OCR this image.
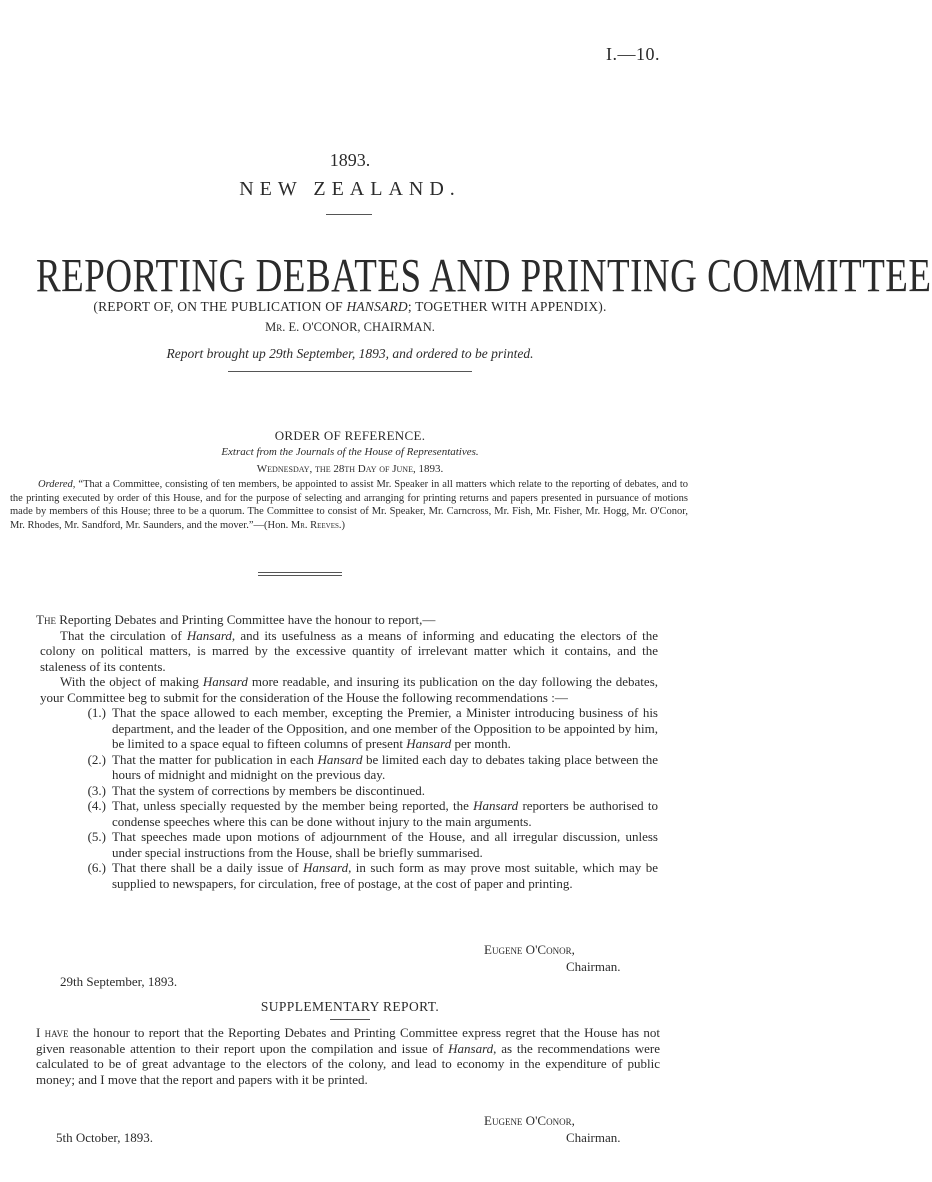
I.—10.
1893.
NEW ZEALAND.
REPORTING DEBATES AND PRINTING COMMITTEE
(REPORT OF, ON THE PUBLICATION OF HANSARD; TOGETHER WITH APPENDIX).
Mr. E. O'CONOR, CHAIRMAN.
Report brought up 29th September, 1893, and ordered to be printed.
ORDER OF REFERENCE.
Extract from the Journals of the House of Representatives.
Wednesday, the 28th Day of June, 1893.

Ordered, “That a Committee, consisting of ten members, be appointed to assist Mr. Speaker in all matters which relate to the reporting of debates, and to the printing executed by order of this House, and for the purpose of selecting and arranging for printing returns and papers presented in pursuance of motions made by members of this House; three to be a quorum. The Committee to consist of Mr. Speaker, Mr. Carncross, Mr. Fish, Mr. Fisher, Mr. Hogg, Mr. O'Conor, Mr. Rhodes, Mr. Sandford, Mr. Saunders, and the mover.”—(Hon. Mr. Reeves.)

The Reporting Debates and Printing Committee have the honour to report,—

That the circulation of Hansard, and its usefulness as a means of informing and educating the electors of the colony on political matters, is marred by the excessive quantity of irrelevant matter which it contains, and the staleness of its contents.

With the object of making Hansard more readable, and insuring its publication on the day following the debates, your Committee beg to submit for the consideration of the House the following recommendations :—

(1.) That the space allowed to each member, excepting the Premier, a Minister introducing business of his department, and the leader of the Opposition, and one member of the Opposition to be appointed by him, be limited to a space equal to fifteen columns of present Hansard per month.
(2.) That the matter for publication in each Hansard be limited each day to debates taking place between the hours of midnight and midnight on the previous day.
(3.) That the system of corrections by members be discontinued.
(4.) That, unless specially requested by the member being reported, the Hansard reporters be authorised to condense speeches where this can be done without injury to the main arguments.
(5.) That speeches made upon motions of adjournment of the House, and all irregular discussion, unless under special instructions from the House, shall be briefly summarised.
(6.) That there shall be a daily issue of Hansard, in such form as may prove most suitable, which may be supplied to newspapers, for circulation, free of postage, at the cost of paper and printing.
Eugene O'Conor,
Chairman.
29th September, 1893.
SUPPLEMENTARY REPORT.

I have the honour to report that the Reporting Debates and Printing Committee express regret that the House has not given reasonable attention to their report upon the compilation and issue of Hansard, as the recommendations were calculated to be of great advantage to the electors of the colony, and lead to economy in the expenditure of public money; and I move that the report and papers with it be printed.

Eugene O'Conor,
Chairman.
5th October, 1893.
